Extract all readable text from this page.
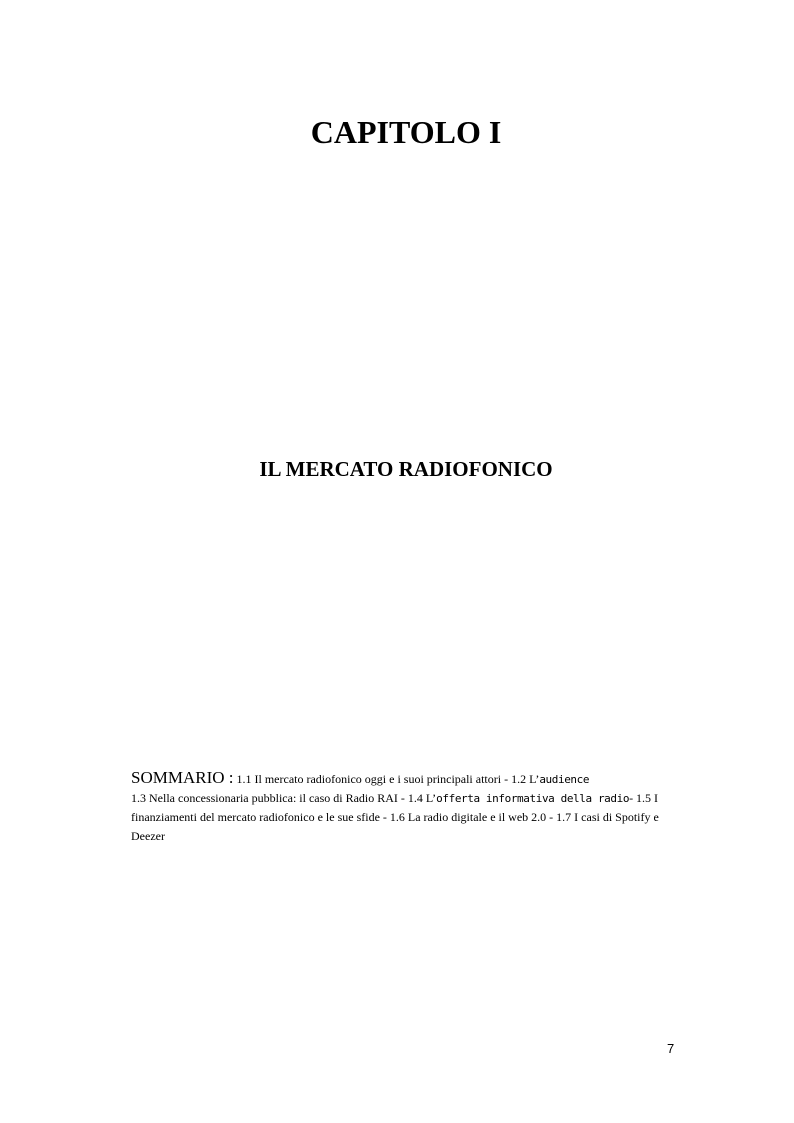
CAPITOLO I
IL MERCATO RADIOFONICO
SOMMARIO : 1.1 Il mercato radiofonico oggi e i suoi principali attori - 1.2 L’audience
1.3 Nella concessionaria pubblica: il caso di Radio RAI - 1.4 L’offerta informativa della radio- 1.5 I finanziamenti del mercato radiofonico e le sue sfide - 1.6 La radio digitale e il web 2.0 - 1.7 I casi di Spotify e Deezer
7
